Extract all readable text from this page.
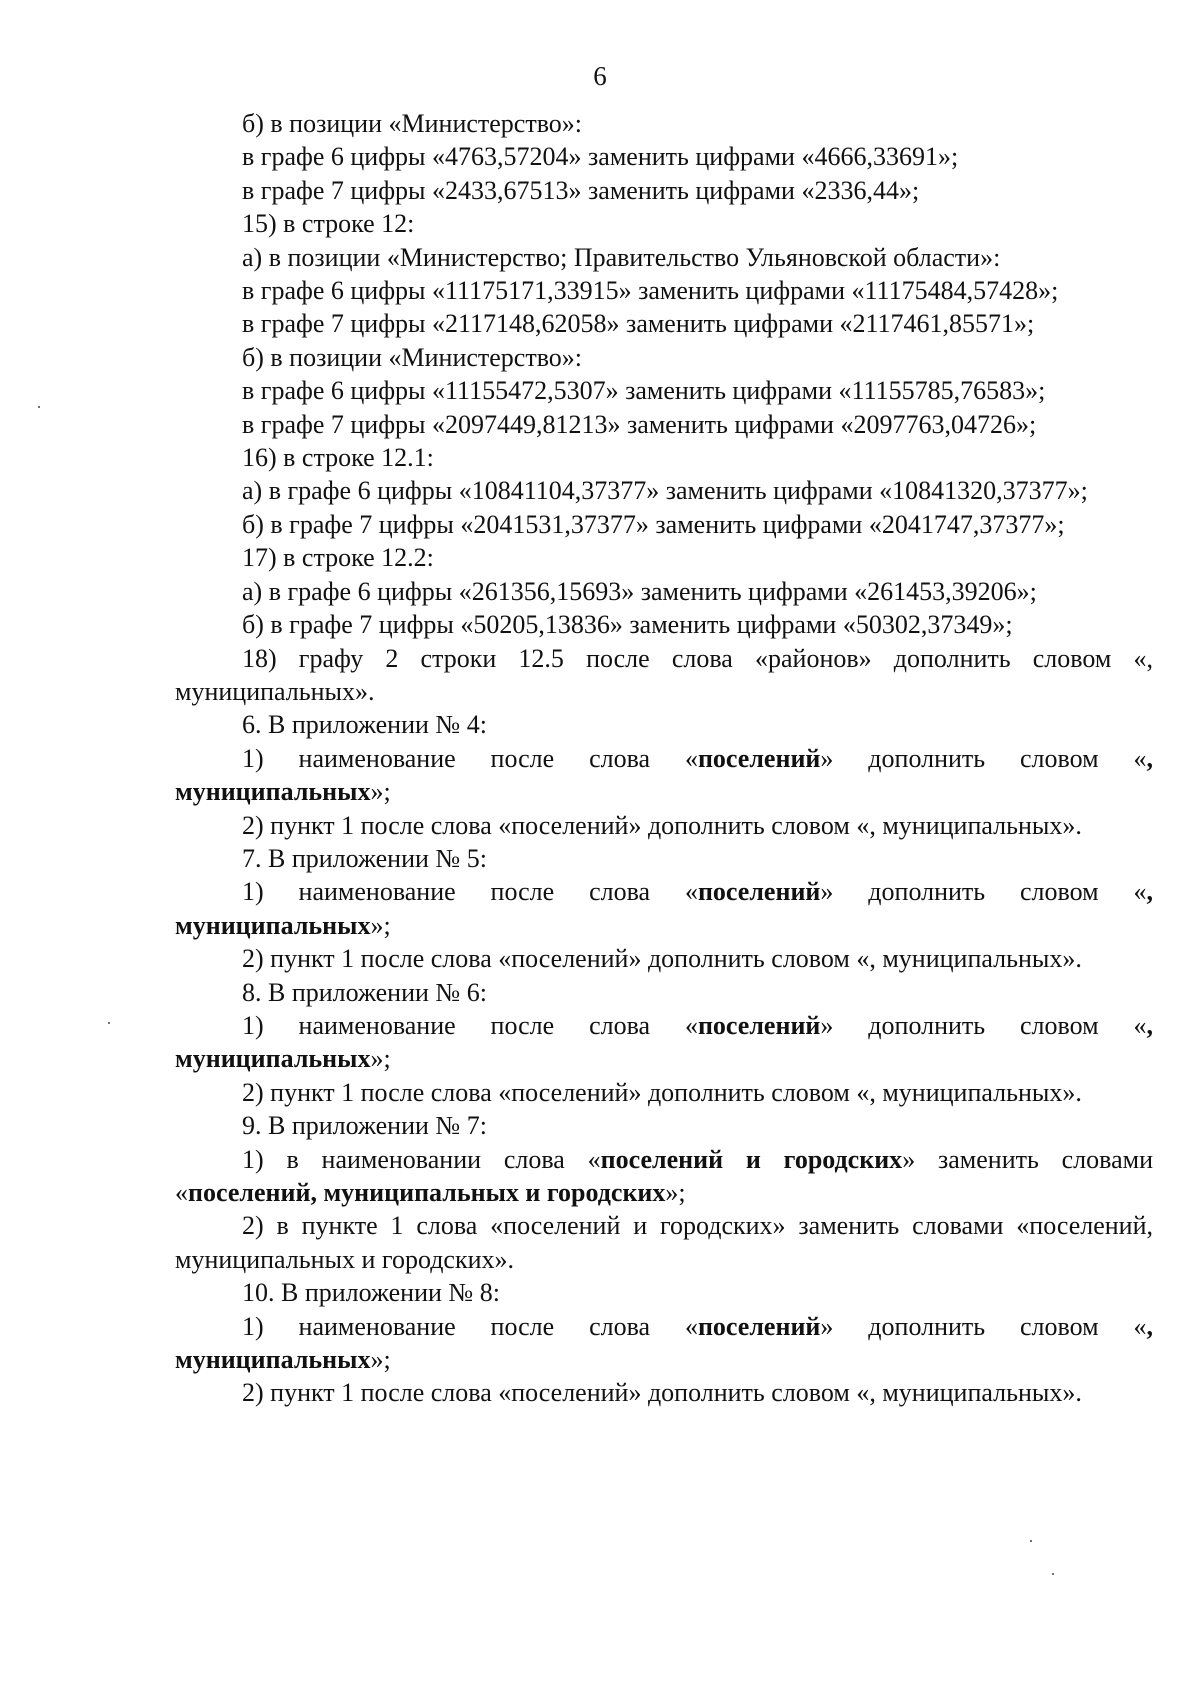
6

б) в позиции «Министерство»:

в графе 6 цифры «4763,57204» заменить цифрами «4666,33691»;

в графе 7 цифры «2433,67513» заменить цифрами «2336,44»;

15) в строке 12:

а) в позиции «Министерство; Правительство Ульяновской области»:

в графе 6 цифры «11175171,33915» заменить цифрами «11175484,57428»;

в графе 7 цифры «2117148,62058» заменить цифрами «2117461,85571»;

б) в позиции «Министерство»:

в графе 6 цифры «11155472,5307» заменить цифрами «11155785,76583»;

в графе 7 цифры «2097449,81213» заменить цифрами «2097763,04726»;

16) в строке 12.1:

а) в графе 6 цифры «10841104,37377» заменить цифрами «10841320,37377»;

б) в графе 7 цифры «2041531,37377» заменить цифрами «2041747,37377»;

17) в строке 12.2:

а) в графе 6 цифры «261356,15693» заменить цифрами «261453,39206»;

б) в графе 7 цифры «50205,13836» заменить цифрами «50302,37349»;

18) графу 2 строки 12.5 после слова «районов» дополнить словом «, муниципальных».

6. В приложении № 4:

1) наименование после слова «поселений» дополнить словом «, муниципальных»;

2) пункт 1 после слова «поселений» дополнить словом «, муниципальных».

7. В приложении № 5:

1) наименование после слова «поселений» дополнить словом «, муниципальных»;

2) пункт 1 после слова «поселений» дополнить словом «, муниципальных».

8. В приложении № 6:

1) наименование после слова «поселений» дополнить словом «, муниципальных»;

2) пункт 1 после слова «поселений» дополнить словом «, муниципальных».

9. В приложении № 7:

1) в наименовании слова «поселений и городских» заменить словами «поселений, муниципальных и городских»;

2) в пункте 1 слова «поселений и городских» заменить словами «поселений, муниципальных и городских».

10. В приложении № 8:

1) наименование после слова «поселений» дополнить словом «, муниципальных»;

2) пункт 1 после слова «поселений» дополнить словом «, муниципальных».
